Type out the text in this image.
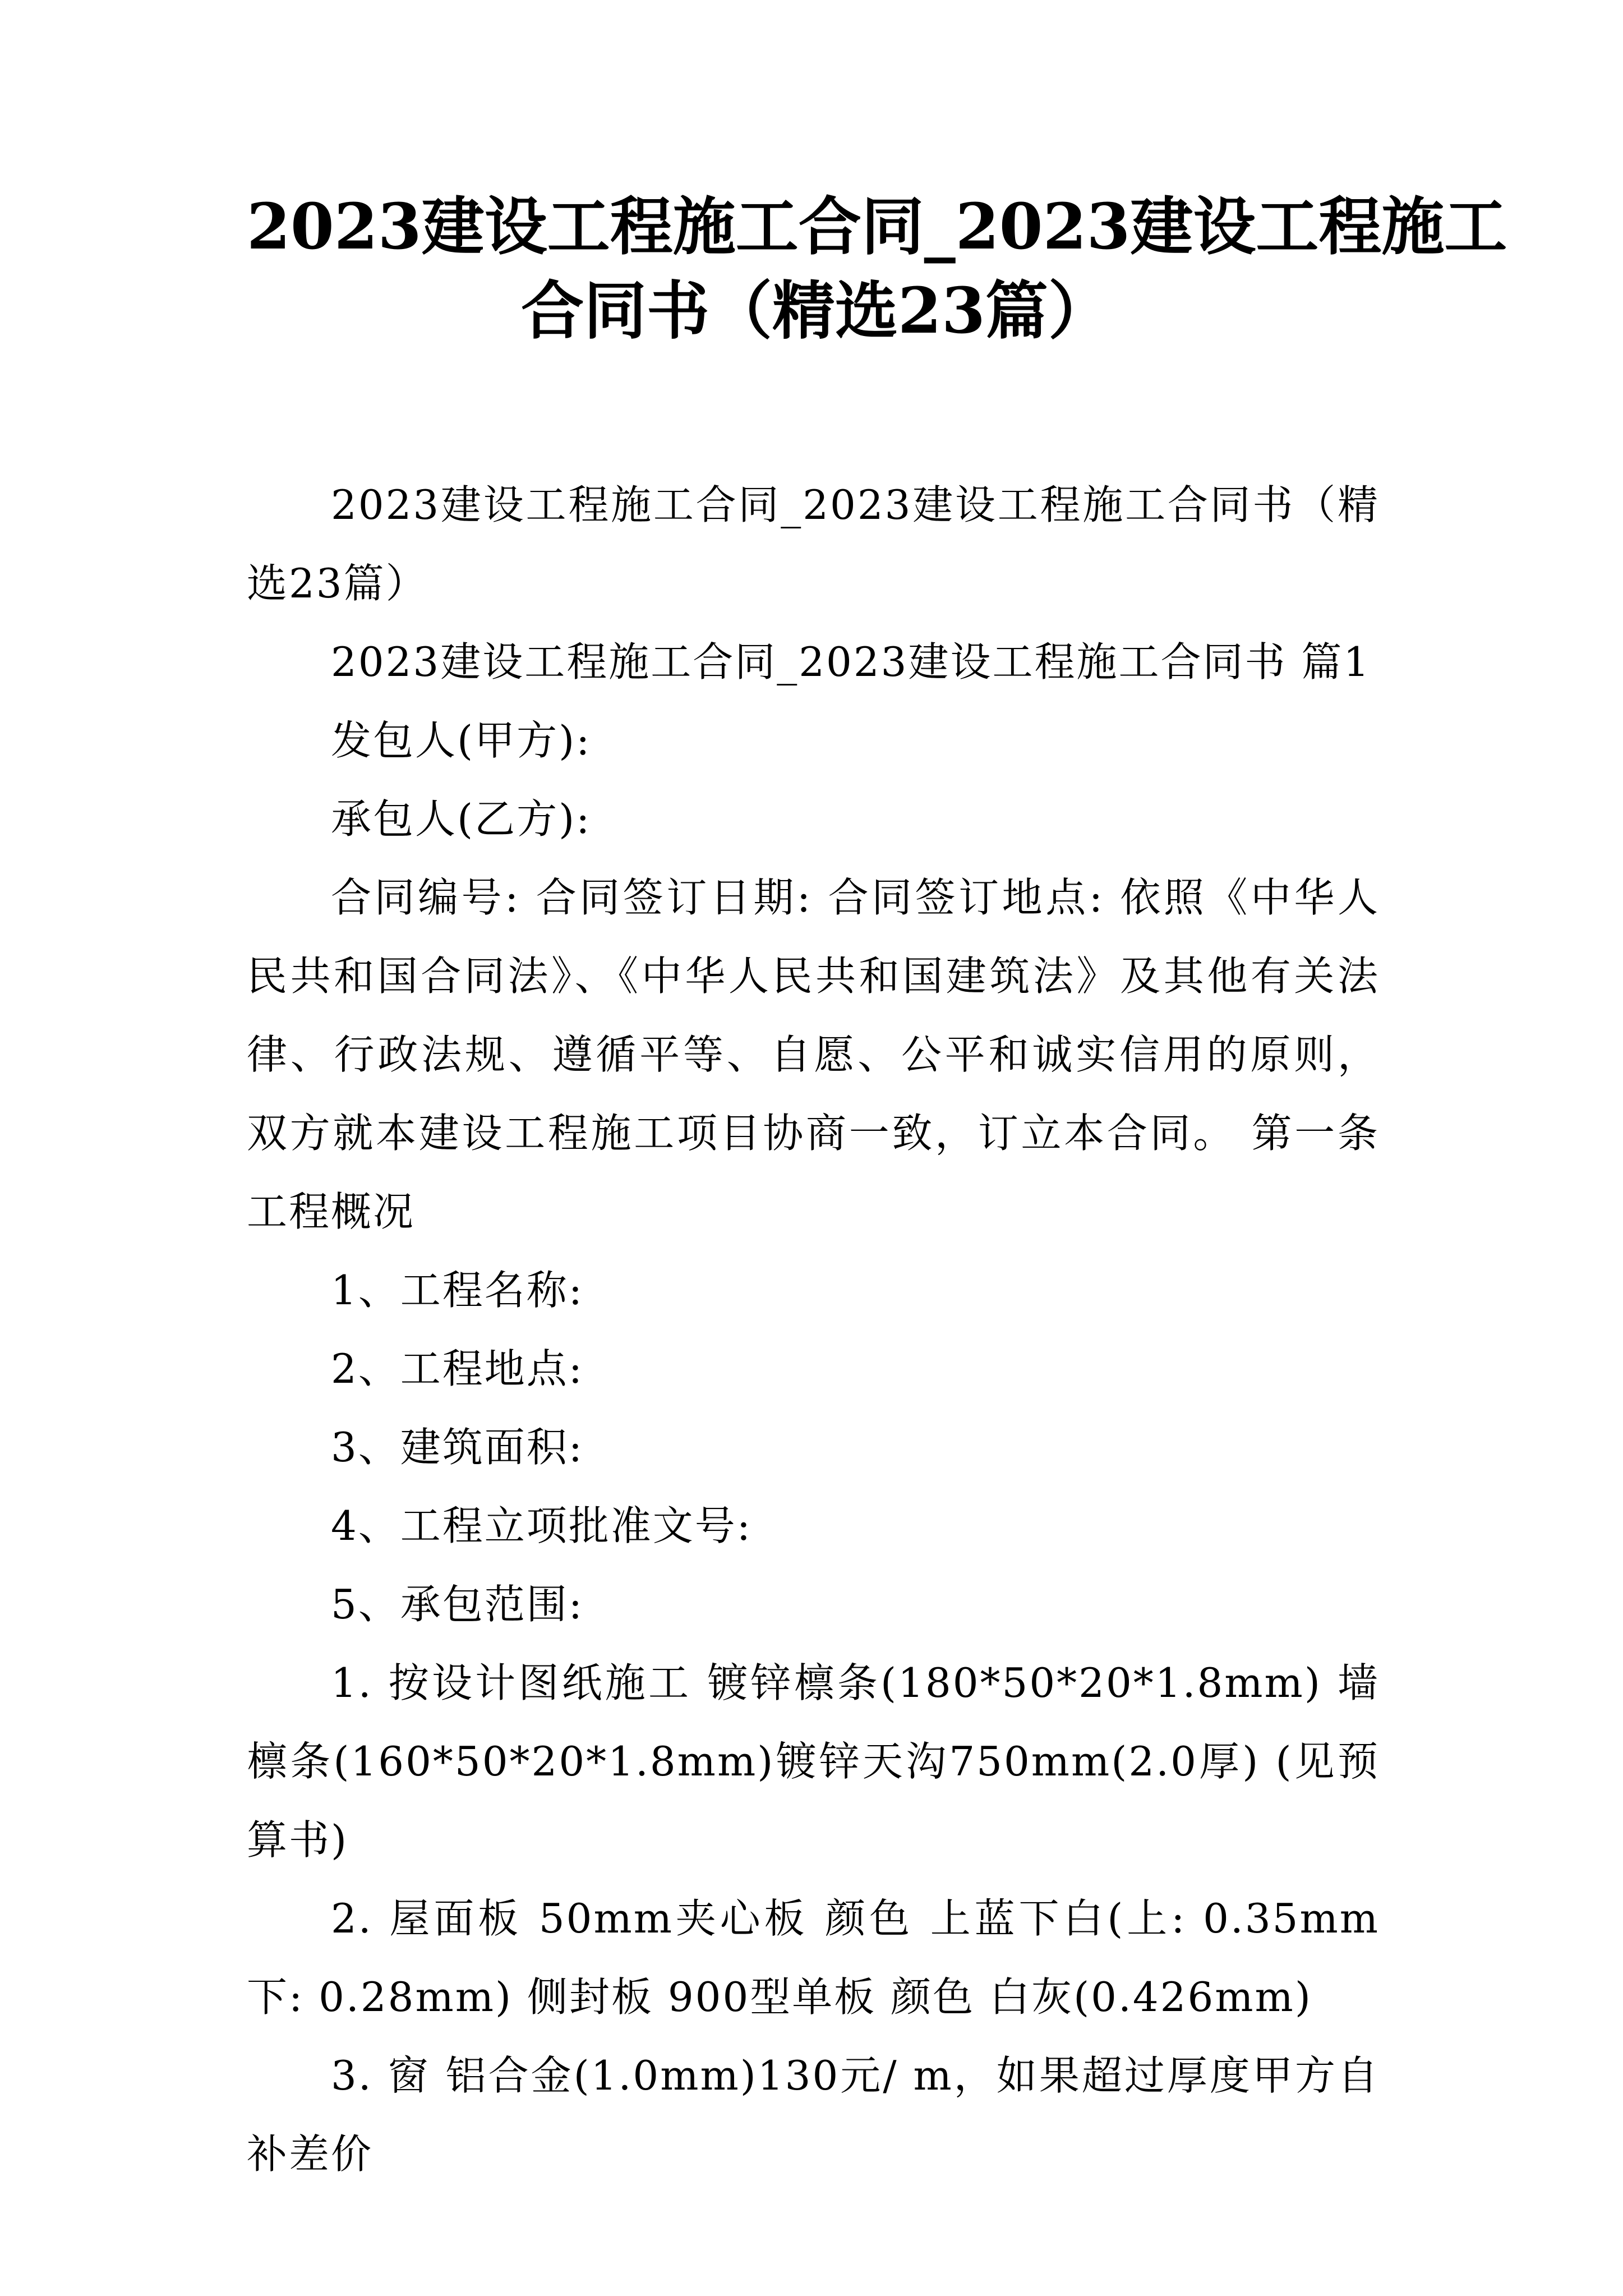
2023建设工程施工合同_2023建设工程施工
合同书（精选23篇）

2023建设工程施工合同_2023建设工程施工合同书（精选23篇）

2023建设工程施工合同_2023建设工程施工合同书 篇1

发包人(甲方):

承包人(乙方):

合同编号: 合同签订日期: 合同签订地点: 依照《中华人民共和国合同法》、《中华人民共和国建筑法》及其他有关法律、行政法规、遵循平等、自愿、公平和诚实信用的原则，双方就本建设工程施工项目协商一致，订立本合同。 第一条 工程概况

1、工程名称:

2、工程地点:

3、建筑面积:

4、工程立项批准文号:

5、承包范围:

1. 按设计图纸施工 镀锌檩条(180*50*20*1.8mm) 墙檩条(160*50*20*1.8mm)镀锌天沟750mm(2.0厚) (见预算书)

2. 屋面板 50mm夹心板 颜色 上蓝下白(上: 0.35mm 下: 0.28mm) 侧封板 900型单板 颜色 白灰(0.426mm)

3. 窗 铝合金(1.0mm)130元/ m，如果超过厚度甲方自补差价
